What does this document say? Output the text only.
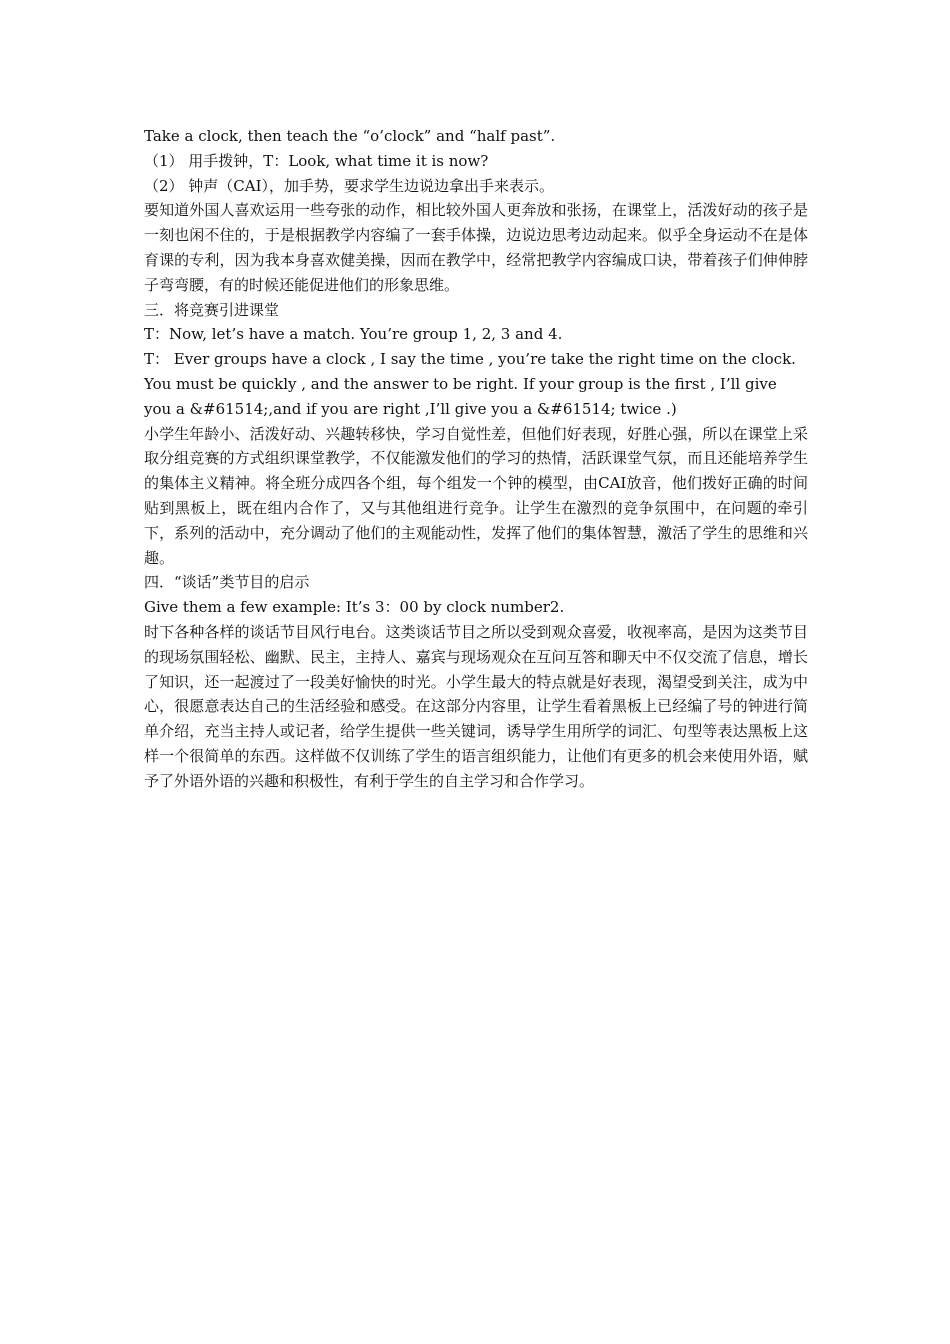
Take a clock, then teach the “o’clock” and “half past”.

（1） 用手拨钟，T：Look, what time it is now?

（2） 钟声（CAI），加手势，要求学生边说边拿出手来表示。

要知道外国人喜欢运用一些夸张的动作，相比较外国人更奔放和张扬，在课堂上，活泼好动的孩子是一刻也闲不住的，于是根据教学内容编了一套手体操，边说边思考边动起来。似乎全身运动不在是体育课的专利，因为我本身喜欢健美操，因而在教学中，经常把教学内容编成口诀，带着孩子们伸伸脖子弯弯腰，有的时候还能促进他们的形象思维。

三．将竞赛引进课堂

T：Now, let’s have a match. You’re group 1, 2, 3 and 4.

T： Ever groups have a clock , I say the time , you’re take the right time on the clock. You must be quickly , and the answer to be right. If your group is the first , I’ll give you a &#61514;,and if you are right ,I’ll give you a &#61514; twice .)

小学生年龄小、活泼好动、兴趣转移快，学习自觉性差，但他们好表现，好胜心强，所以在课堂上采取分组竞赛的方式组织课堂教学，不仅能激发他们的学习的热情，活跃课堂气氛，而且还能培养学生的集体主义精神。将全班分成四各个组，每个组发一个钟的模型，由CAI放音，他们拨好正确的时间贴到黑板上，既在组内合作了，又与其他组进行竞争。让学生在激烈的竞争氛围中，在问题的牵引下，系列的活动中，充分调动了他们的主观能动性，发挥了他们的集体智慧，激活了学生的思维和兴趣。

四．“谈话”类节目的启示

Give them a few example: It’s 3：00 by clock number2.

时下各种各样的谈话节目风行电台。这类谈话节目之所以受到观众喜爱，收视率高，是因为这类节目的现场氛围轻松、幽默、民主，主持人、嘉宾与现场观众在互问互答和聊天中不仅交流了信息，增长了知识，还一起渡过了一段美好愉快的时光。小学生最大的特点就是好表现，渴望受到关注，成为中心，很愿意表达自己的生活经验和感受。在这部分内容里，让学生看着黑板上已经编了号的钟进行简单介绍，充当主持人或记者，给学生提供一些关键词，诱导学生用所学的词汇、句型等表达黑板上这样一个很简单的东西。这样做不仅训练了学生的语言组织能力，让他们有更多的机会来使用外语，赋予了外语外语的兴趣和积极性，有利于学生的自主学习和合作学习。
